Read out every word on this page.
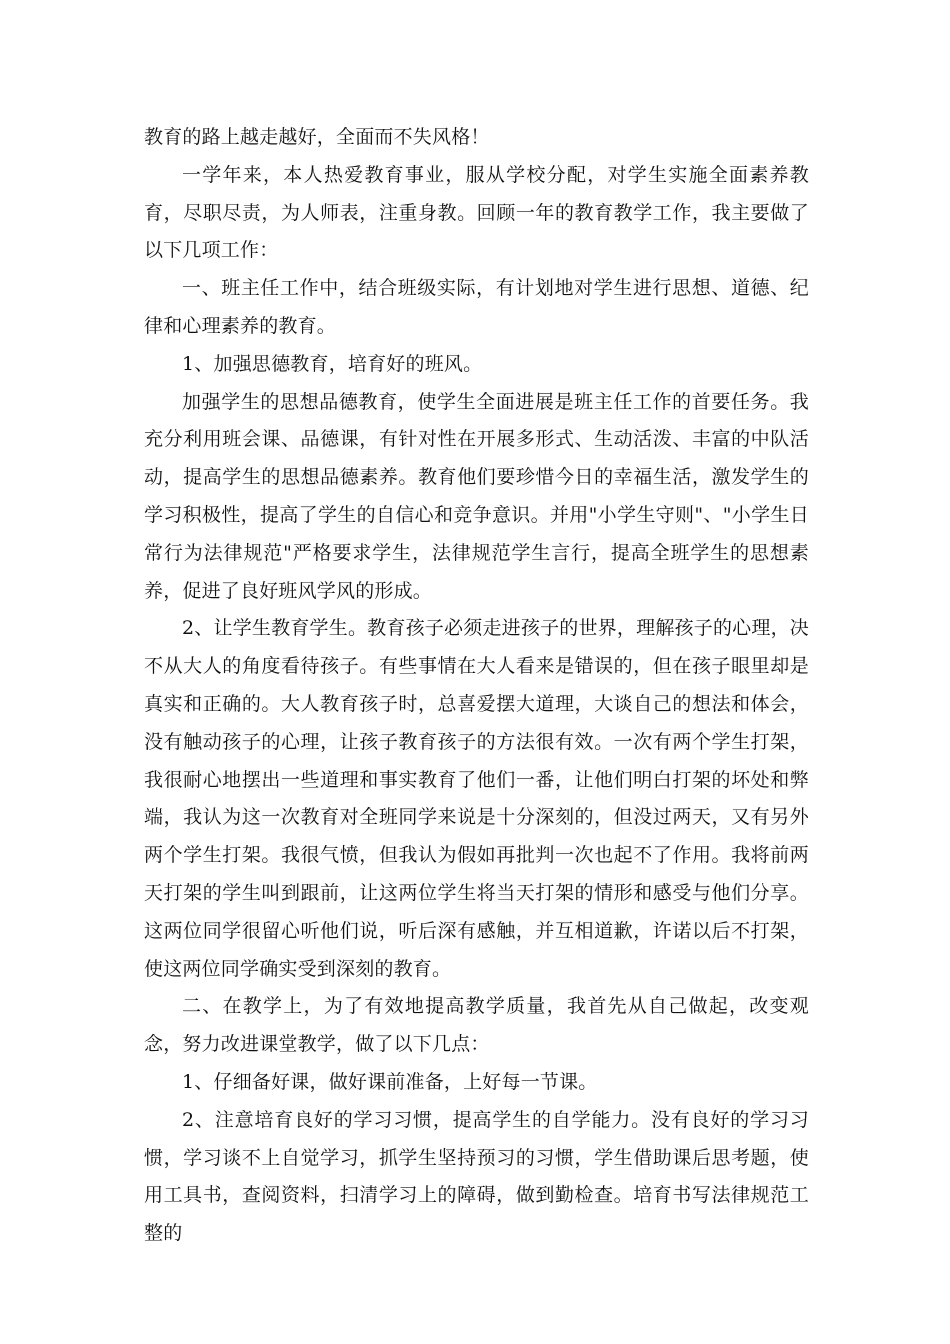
教育的路上越走越好，全面而不失风格！

一学年来，本人热爱教育事业，服从学校分配，对学生实施全面素养教育，尽职尽责，为人师表，注重身教。回顾一年的教育教学工作，我主要做了以下几项工作：

一、班主任工作中，结合班级实际，有计划地对学生进行思想、道德、纪律和心理素养的教育。

1、加强思德教育，培育好的班风。

加强学生的思想品德教育，使学生全面进展是班主任工作的首要任务。我充分利用班会课、品德课，有针对性在开展多形式、生动活泼、丰富的中队活动，提高学生的思想品德素养。教育他们要珍惜今日的幸福生活，激发学生的学习积极性，提高了学生的自信心和竞争意识。并用"小学生守则"、"小学生日常行为法律规范"严格要求学生，法律规范学生言行，提高全班学生的思想素养，促进了良好班风学风的形成。

2、让学生教育学生。教育孩子必须走进孩子的世界，理解孩子的心理，决不从大人的角度看待孩子。有些事情在大人看来是错误的，但在孩子眼里却是真实和正确的。大人教育孩子时，总喜爱摆大道理，大谈自己的想法和体会，没有触动孩子的心理，让孩子教育孩子的方法很有效。一次有两个学生打架，我很耐心地摆出一些道理和事实教育了他们一番，让他们明白打架的坏处和弊端，我认为这一次教育对全班同学来说是十分深刻的，但没过两天，又有另外两个学生打架。我很气愤，但我认为假如再批判一次也起不了作用。我将前两天打架的学生叫到跟前，让这两位学生将当天打架的情形和感受与他们分享。这两位同学很留心听他们说，听后深有感触，并互相道歉，许诺以后不打架，使这两位同学确实受到深刻的教育。

二、在教学上，为了有效地提高教学质量，我首先从自己做起，改变观念，努力改进课堂教学，做了以下几点：

1、仔细备好课，做好课前准备，上好每一节课。

2、注意培育良好的学习习惯，提高学生的自学能力。没有良好的学习习惯，学习谈不上自觉学习，抓学生坚持预习的习惯，学生借助课后思考题，使用工具书，查阅资料，扫清学习上的障碍，做到勤检查。培育书写法律规范工整的
